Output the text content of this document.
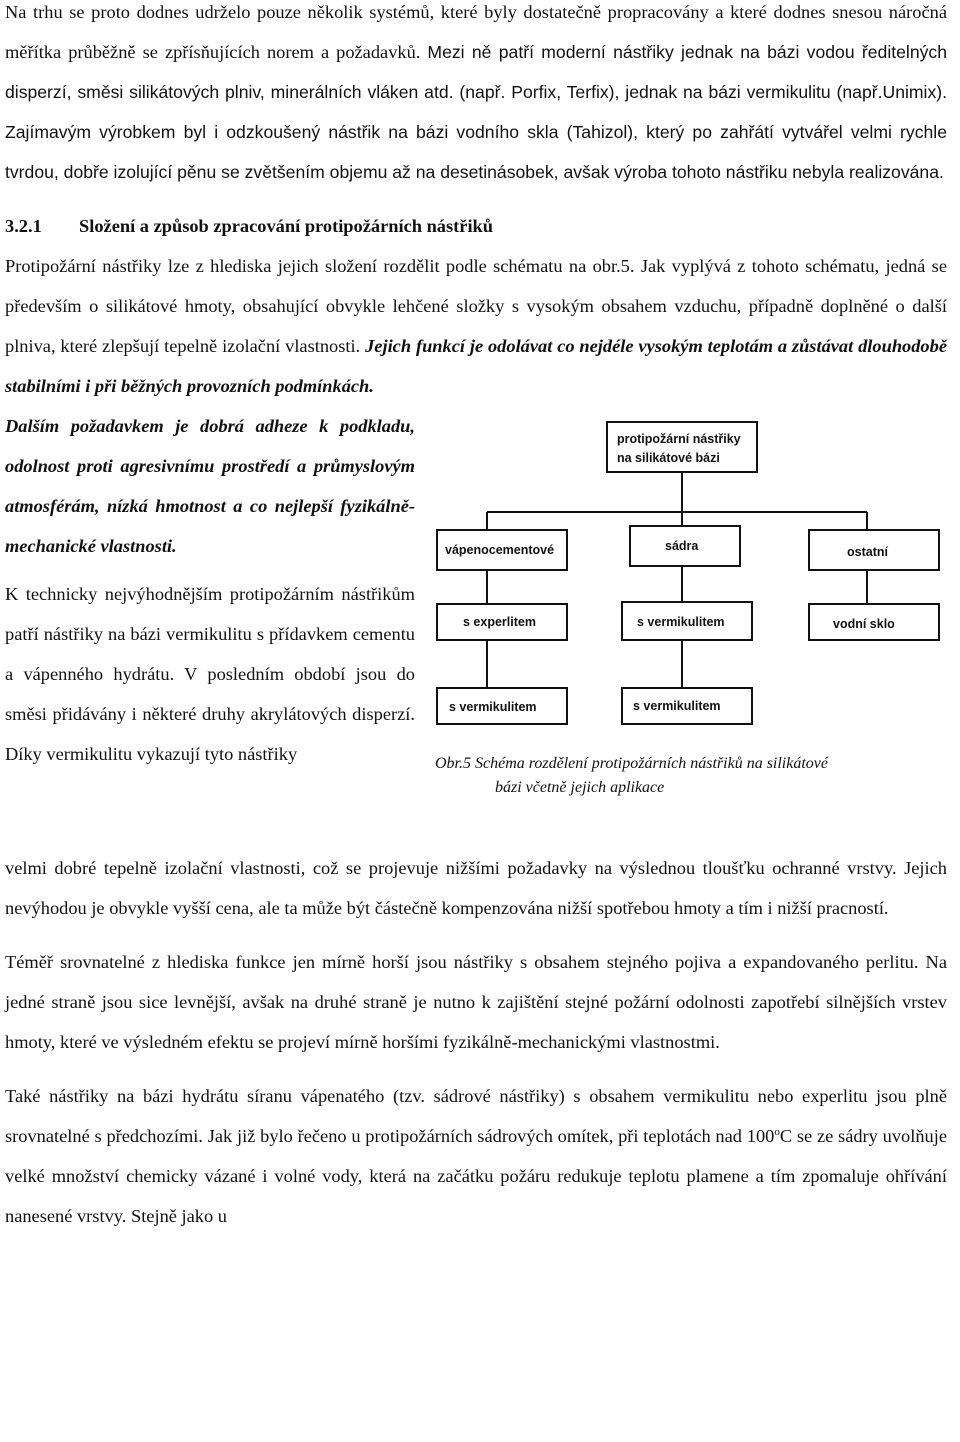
Na trhu se proto dodnes udrželo pouze několik systémů, které byly dostatečně propracovány a které dodnes snesou náročná měřítka průběžně se zpřísňujících norem a požadavků. Mezi ně patří moderní nástřiky jednak na bázi vodou ředitelných disperzí, směsi silikátových plniv, minerálních vláken atd. (např. Porfix, Terfix), jednak na bázi vermikulitu (např.Unimix). Zajímavým výrobkem byl i odzkoušený nástřik na bázi vodního skla (Tahizol), který po zahřátí vytvářel velmi rychle tvrdou, dobře izolující pěnu se zvětšením objemu až na desetinásobek, avšak výroba tohoto nástřiku nebyla realizována.

3.2.1 Složení a způsob zpracování protipožárních nástřiků

Protipožární nástřiky lze z hlediska jejich složení rozdělit podle schématu na obr.5. Jak vyplývá z tohoto schématu, jedná se především o silikátové hmoty, obsahující obvykle lehčené složky s vysokým obsahem vzduchu, případně doplněné o další plniva, které zlepšují tepelně izolační vlastnosti. Jejich funkcí je odolávat co nejdéle vysokým teplotám a zůstávat dlouhodobě stabilními i při běžných provozních podmínkách.

protipožární nástřiky
na silikátové bázi
vápenocementové	sádra	ostatní
s experlitem	s vermikulitem	vodní sklo
s vermikulitem	s vermikulitem
Obr.5 Schéma rozdělení protipožárních nástřiků na silikátové
bázi včetně jejich aplikace

Dalším požadavkem je dobrá adheze k podkladu, odolnost proti agresivnímu prostředí a průmyslovým atmosférám, nízká hmotnost a co nejlepší fyzikálně-mechanické vlastnosti.

K technicky nejvýhodnějším protipožárním nástřikům patří nástřiky na bázi vermikulitu s přídavkem cementu a vápenného hydrátu. V posledním období jsou do směsi přidávány i některé druhy akrylátových disperzí. Díky vermikulitu vykazují tyto nástřiky

velmi dobré tepelně izolační vlastnosti, což se projevuje nižšími požadavky na výslednou tloušťku ochranné vrstvy. Jejich nevýhodou je obvykle vyšší cena, ale ta může být částečně kompenzována nižší spotřebou hmoty a tím i nižší pracností.

Téměř srovnatelné z hlediska funkce jen mírně horší jsou nástřiky s obsahem stejného pojiva a expandovaného perlitu. Na jedné straně jsou sice levnější, avšak na druhé straně je nutno k zajištění stejné požární odolnosti zapotřebí silnějších vrstev hmoty, které ve výsledném efektu se projeví mírně horšími fyzikálně-mechanickými vlastnostmi.

Také nástřiky na bázi hydrátu síranu vápenatého (tzv. sádrové nástřiky) s obsahem vermikulitu nebo experlitu jsou plně srovnatelné s předchozími. Jak již bylo řečeno u protipožárních sádrových omítek, při teplotách nad 100$^o$C se ze sádry uvolňuje velké množství chemicky vázané i volné vody, která na začátku požáru redukuje teplotu plamene a tím zpomaluje ohřívání nanesené vrstvy. Stejně jako u
